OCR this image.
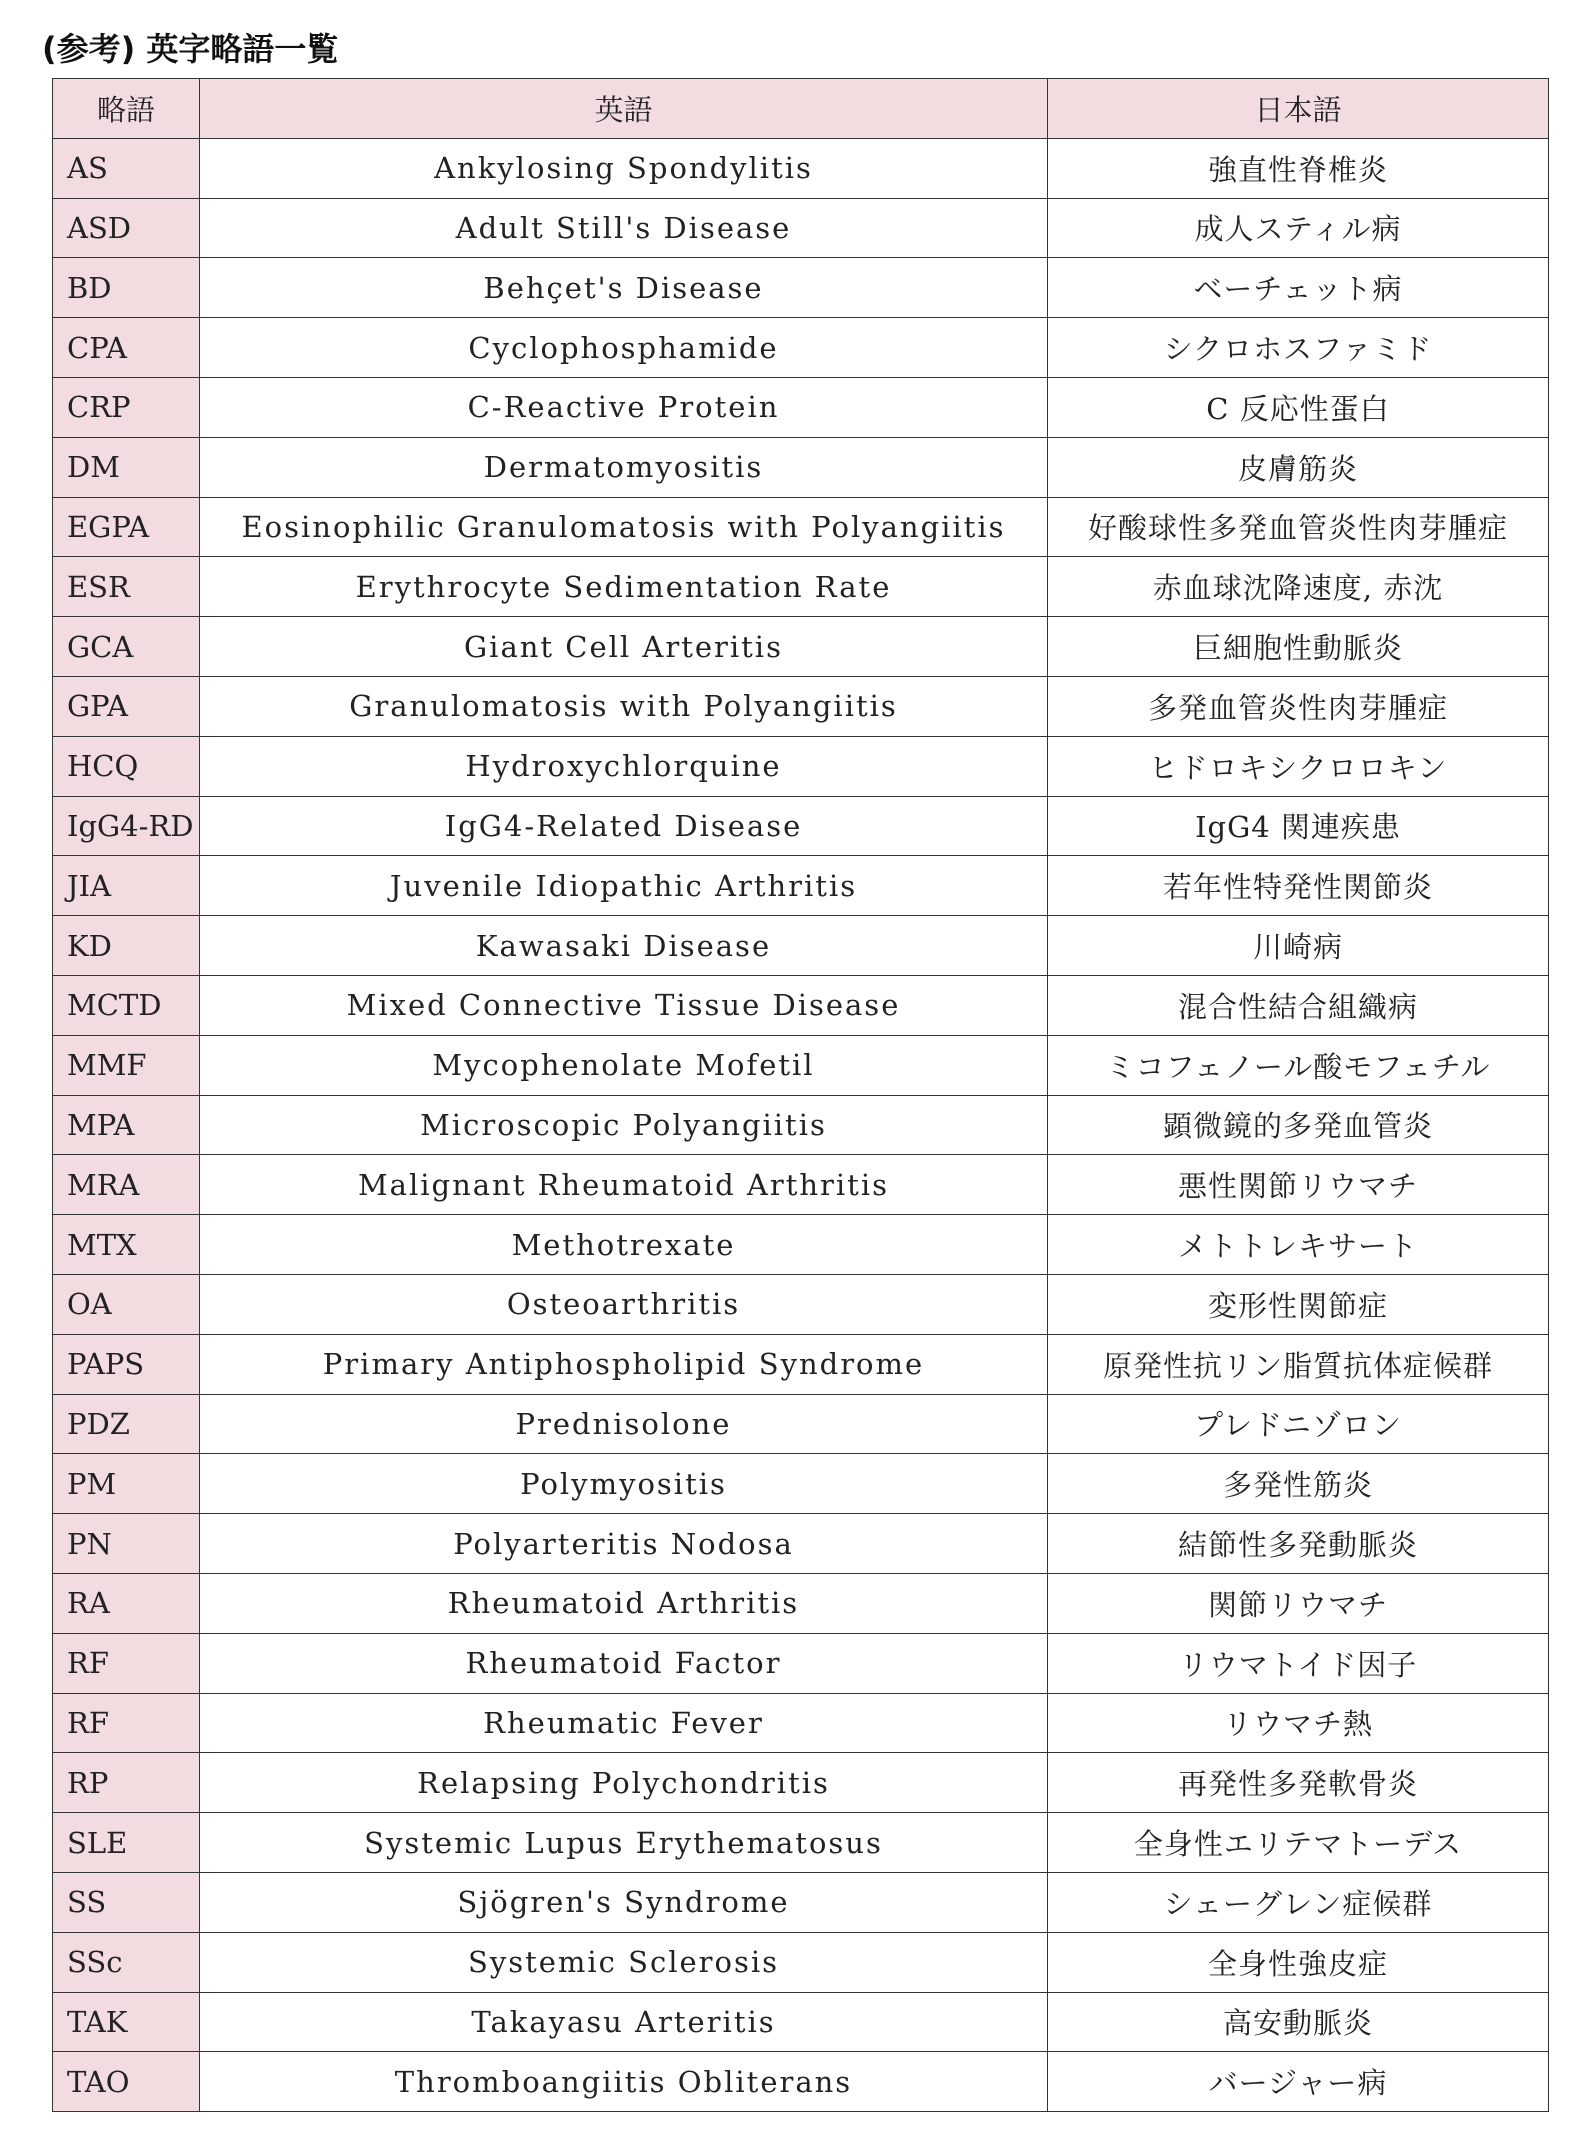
(参考) 英字略語一覧
略語	英語	日本語
AS	Ankylosing Spondylitis	強直性脊椎炎
ASD	Adult Still's Disease	成人スティル病
BD	Behçet's Disease	ベーチェット病
CPA	Cyclophosphamide	シクロホスファミド
CRP	C-Reactive Protein	C 反応性蛋白
DM	Dermatomyositis	皮膚筋炎
EGPA	Eosinophilic Granulomatosis with Polyangiitis	好酸球性多発血管炎性肉芽腫症
ESR	Erythrocyte Sedimentation Rate	赤血球沈降速度, 赤沈
GCA	Giant Cell Arteritis	巨細胞性動脈炎
GPA	Granulomatosis with Polyangiitis	多発血管炎性肉芽腫症
HCQ	Hydroxychlorquine	ヒドロキシクロロキン
IgG4-RD	IgG4-Related Disease	IgG4 関連疾患
JIA	Juvenile Idiopathic Arthritis	若年性特発性関節炎
KD	Kawasaki Disease	川崎病
MCTD	Mixed Connective Tissue Disease	混合性結合組織病
MMF	Mycophenolate Mofetil	ミコフェノール酸モフェチル
MPA	Microscopic Polyangiitis	顕微鏡的多発血管炎
MRA	Malignant Rheumatoid Arthritis	悪性関節リウマチ
MTX	Methotrexate	メトトレキサート
OA	Osteoarthritis	変形性関節症
PAPS	Primary Antiphospholipid Syndrome	原発性抗リン脂質抗体症候群
PDZ	Prednisolone	プレドニゾロン
PM	Polymyositis	多発性筋炎
PN	Polyarteritis Nodosa	結節性多発動脈炎
RA	Rheumatoid Arthritis	関節リウマチ
RF	Rheumatoid Factor	リウマトイド因子
RF	Rheumatic Fever	リウマチ熱
RP	Relapsing Polychondritis	再発性多発軟骨炎
SLE	Systemic Lupus Erythematosus	全身性エリテマトーデス
SS	Sjögren's Syndrome	シェーグレン症候群
SSc	Systemic Sclerosis	全身性強皮症
TAK	Takayasu Arteritis	高安動脈炎
TAO	Thromboangiitis Obliterans	バージャー病
